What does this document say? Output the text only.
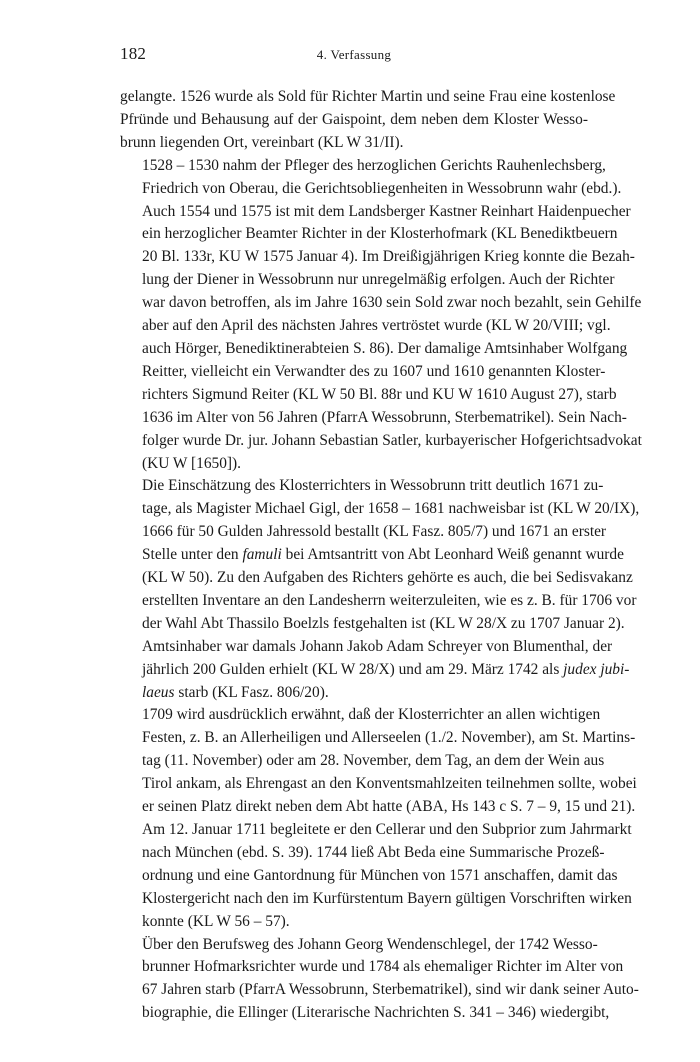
182	4. Verfassung
gelangte. 1526 wurde als Sold für Richter Martin und seine Frau eine kostenlose
Pfründe und Behausung auf der Gaispoint, dem neben dem Kloster Wesso-
brunn liegenden Ort, vereinbart (KL W 31/II).
1528 – 1530 nahm der Pfleger des herzoglichen Gerichts Rauhenlechsberg,
Friedrich von Oberau, die Gerichtsobliegenheiten in Wessobrunn wahr (ebd.).
Auch 1554 und 1575 ist mit dem Landsberger Kastner Reinhart Haidenpuecher
ein herzoglicher Beamter Richter in der Klosterhofmark (KL Benediktbeuern
20 Bl. 133r, KU W 1575 Januar 4). Im Dreißigjährigen Krieg konnte die Bezah-
lung der Diener in Wessobrunn nur unregelmäßig erfolgen. Auch der Richter
war davon betroffen, als im Jahre 1630 sein Sold zwar noch bezahlt, sein Gehilfe
aber auf den April des nächsten Jahres vertröstet wurde (KL W 20/VIII; vgl.
auch Hörger, Benediktinerabteien S. 86). Der damalige Amtsinhaber Wolfgang
Reitter, vielleicht ein Verwandter des zu 1607 und 1610 genannten Kloster-
richters Sigmund Reiter (KL W 50 Bl. 88r und KU W 1610 August 27), starb
1636 im Alter von 56 Jahren (PfarrA Wessobrunn, Sterbematrikel). Sein Nach-
folger wurde Dr. jur. Johann Sebastian Satler, kurbayerischer Hofgerichtsadvokat
(KU W [1650]).
Die Einschätzung des Klosterrichters in Wessobrunn tritt deutlich 1671 zu-
tage, als Magister Michael Gigl, der 1658 – 1681 nachweisbar ist (KL W 20/IX),
1666 für 50 Gulden Jahressold bestallt (KL Fasz. 805/7) und 1671 an erster
Stelle unter den famuli bei Amtsantritt von Abt Leonhard Weiß genannt wurde
(KL W 50). Zu den Aufgaben des Richters gehörte es auch, die bei Sedisvakanz
erstellten Inventare an den Landesherrn weiterzuleiten, wie es z. B. für 1706 vor
der Wahl Abt Thassilo Boelzls festgehalten ist (KL W 28/X zu 1707 Januar 2).
Amtsinhaber war damals Johann Jakob Adam Schreyer von Blumenthal, der
jährlich 200 Gulden erhielt (KL W 28/X) und am 29. März 1742 als judex jubi-
laeus starb (KL Fasz. 806/20).
1709 wird ausdrücklich erwähnt, daß der Klosterrichter an allen wichtigen
Festen, z. B. an Allerheiligen und Allerseelen (1./2. November), am St. Martins-
tag (11. November) oder am 28. November, dem Tag, an dem der Wein aus
Tirol ankam, als Ehrengast an den Konventsmahlzeiten teilnehmen sollte, wobei
er seinen Platz direkt neben dem Abt hatte (ABA, Hs 143 c S. 7 – 9, 15 und 21).
Am 12. Januar 1711 begleitete er den Cellerar und den Subprior zum Jahrmarkt
nach München (ebd. S. 39). 1744 ließ Abt Beda eine Summarische Prozeß-
ordnung und eine Gantordnung für München von 1571 anschaffen, damit das
Klostergericht nach den im Kurfürstentum Bayern gültigen Vorschriften wirken
konnte (KL W 56 – 57).
Über den Berufsweg des Johann Georg Wendenschlegel, der 1742 Wesso-
brunner Hofmarksrichter wurde und 1784 als ehemaliger Richter im Alter von
67 Jahren starb (PfarrA Wessobrunn, Sterbematrikel), sind wir dank seiner Auto-
biographie, die Ellinger (Literarische Nachrichten S. 341 – 346) wiedergibt,
